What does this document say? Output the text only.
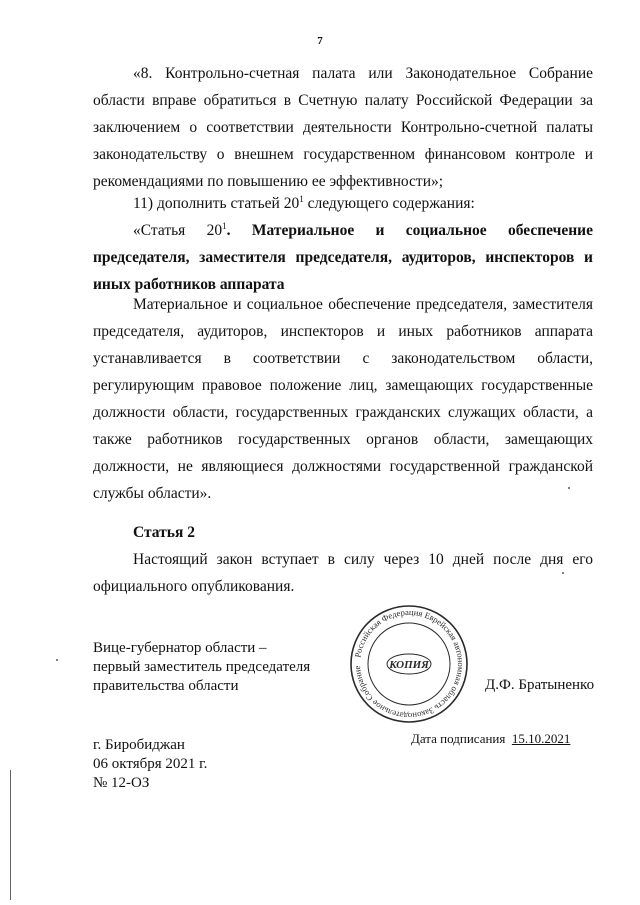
7

«8. Контрольно-счетная палата или Законодательное Собрание области вправе обратиться в Счетную палату Российской Федерации за заключением о соответствии деятельности Контрольно-счетной палаты законодательству о внешнем государственном финансовом контроле и рекомендациями по повышению ее эффективности»;

11) дополнить статьей $20^1$ следующего содержания:

«Статья $20^1$. Материальное и социальное обеспечение председателя, заместителя председателя, аудиторов, инспекторов и иных работников аппарата

Материальное и социальное обеспечение председателя, заместителя председателя, аудиторов, инспекторов и иных работников аппарата устанавливается в соответствии с законодательством области, регулирующим правовое положение лиц, замещающих государственные должности области, государственных гражданских служащих области, а также работников государственных органов области, замещающих должности, не являющиеся должностями государственной гражданской службы области».

Статья 2

Настоящий закон вступает в силу через 10 дней после дня его официального опубликования.

Вице-губернатор области –
первый заместитель председателя
правительства области
Российская Федерация Еврейская автономная область Законодательное Собрание	КОПИЯ
Д.Ф. Братыненко
г. Биробиджан
06 октября 2021 г.
№ 12-ОЗ
Дата подписания 15.10.2021
